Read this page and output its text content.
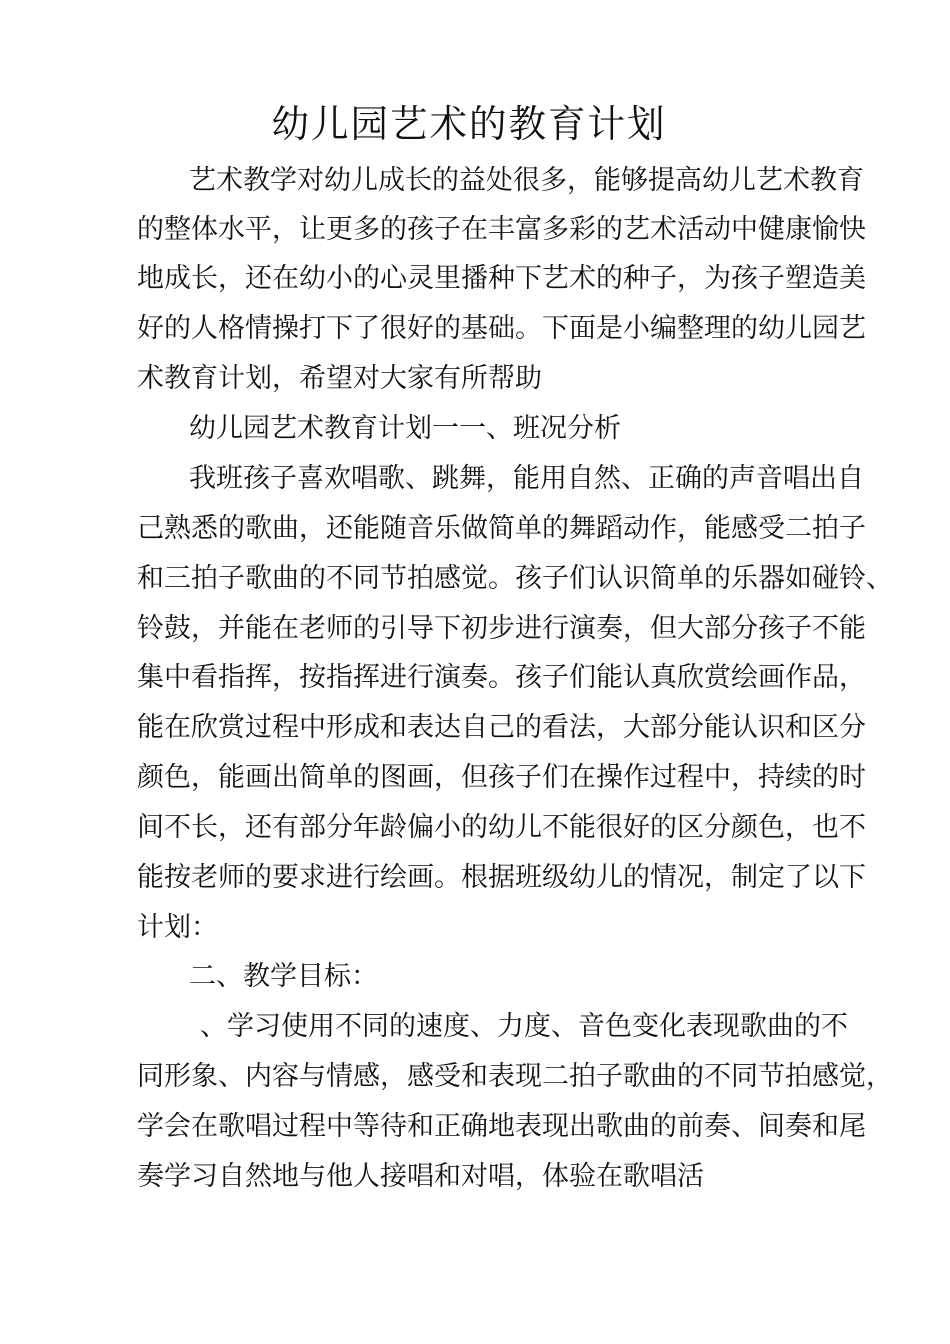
幼儿园艺术的教育计划
艺术教学对幼儿成长的益处很多，能够提高幼儿艺术教育
的整体水平，让更多的孩子在丰富多彩的艺术活动中健康愉快
地成长，还在幼小的心灵里播种下艺术的种子，为孩子塑造美
好的人格情操打下了很好的基础。下面是小编整理的幼儿园艺
术教育计划，希望对大家有所帮助
幼儿园艺术教育计划一一、班况分析
我班孩子喜欢唱歌、跳舞，能用自然、正确的声音唱出自
己熟悉的歌曲，还能随音乐做简单的舞蹈动作，能感受二拍子
和三拍子歌曲的不同节拍感觉。孩子们认识简单的乐器如碰铃、
铃鼓，并能在老师的引导下初步进行演奏，但大部分孩子不能
集中看指挥，按指挥进行演奏。孩子们能认真欣赏绘画作品，
能在欣赏过程中形成和表达自己的看法，大部分能认识和区分
颜色，能画出简单的图画，但孩子们在操作过程中，持续的时
间不长，还有部分年龄偏小的幼儿不能很好的区分颜色，也不
能按老师的要求进行绘画。根据班级幼儿的情况，制定了以下
计划：
二、教学目标：
、学习使用不同的速度、力度、音色变化表现歌曲的不
同形象、内容与情感，感受和表现二拍子歌曲的不同节拍感觉，
学会在歌唱过程中等待和正确地表现出歌曲的前奏、间奏和尾
奏学习自然地与他人接唱和对唱，体验在歌唱活
